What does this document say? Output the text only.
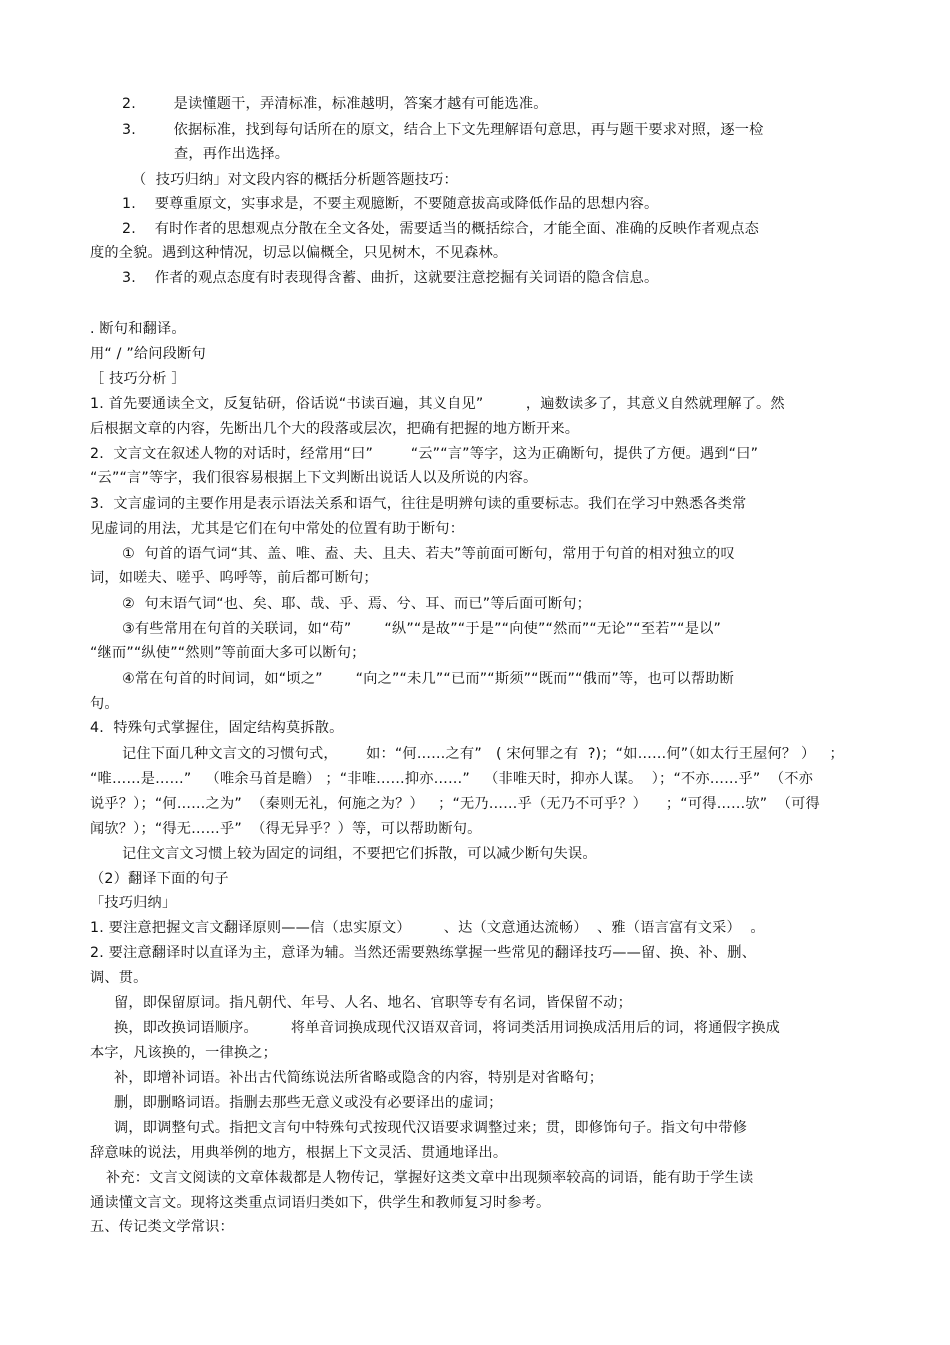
2.        是读懂题干，弄清标准，标准越明，答案才越有可能选准。
3.        依据标准，找到每句话所在的原文，结合上下文先理解语句意思，再与题干要求对照，逐一检
查，再作出选择。
（  技巧归纳」对文段内容的概括分析题答题技巧：
1.    要尊重原文，实事求是，不要主观臆断，不要随意拔高或降低作品的思想内容。
2.    有时作者的思想观点分散在全文各处，需要适当的概括综合，才能全面、准确的反映作者观点态
度的全貌。遇到这种情况，切忌以偏概全，只见树木，不见森林。
3.    作者的观点态度有时表现得含蓄、曲折，这就要注意挖掘有关词语的隐含信息。
. 断句和翻译。
用“ / ”给问段断句
［ 技巧分析 ］
1. 首先要通读全文，反复钻研，俗话说“书读百遍，其义自见”         ，遍数读多了，其意义自然就理解了。然
后根据文章的内容，先断出几个大的段落或层次，把确有把握的地方断开来。
2.  文言文在叙述人物的对话时，经常用“曰”        “云”“言”等字，这为正确断句，提供了方便。遇到“曰”
“云”“言”等字，我们很容易根据上下文判断出说话人以及所说的内容。
3.  文言虚词的主要作用是表示语法关系和语气，往往是明辨句读的重要标志。我们在学习中熟悉各类常
见虚词的用法，尤其是它们在句中常处的位置有助于断句：
①  句首的语气词“其、盖、唯、盍、夫、且夫、若夫”等前面可断句，常用于句首的相对独立的叹
词，如嗟夫、嗟乎、呜呼等，前后都可断句；
②  句末语气词“也、矣、耶、哉、乎、焉、兮、耳、而已”等后面可断句；
③有些常用在句首的关联词，如“苟”       “纵”“是故”“于是”“向使”“然而”“无论”“至若”“是以”
“继而”“纵使”“然则”等前面大多可以断句；
④常在句首的时间词，如“顷之”       “向之”“未几”“已而”“斯须”“既而”“俄而”等，也可以帮助断
句。
4.  特殊句式掌握住，固定结构莫拆散。
记住下面几种文言文的习惯句式，      如：“何……之有”   ( 宋何罪之有  ?)；“如……何”（如太行王屋何？ ）   ；
“唯……是……”   （唯余马首是瞻） ；“非唯……抑亦……”   （非唯天时，抑亦人谋。  ）；“不亦……乎”  （不亦
说乎？）；“何……之为”  （秦则无礼，何施之为？）   ；“无乃……乎（无乃不可乎？）    ；“可得……欤”  （可得
闻欤？）；“得无……乎”  （得无异乎？）等，可以帮助断句。
记住文言文习惯上较为固定的词组，不要把它们拆散，可以减少断句失误。
（2）翻译下面的句子
「技巧归纳」
1. 要注意把握文言文翻译原则——信（忠实原文）       、达（文意通达流畅）  、雅（语言富有文采）  。
2. 要注意翻译时以直译为主，意译为辅。当然还需要熟练掌握一些常见的翻译技巧——留、换、补、删、
调、贯。
留，即保留原词。指凡朝代、年号、人名、地名、官职等专有名词，皆保留不动；
换，即改换词语顺序。       将单音词换成现代汉语双音词，将词类活用词换成活用后的词，将通假字换成
本字，凡该换的，一律换之；
补，即增补词语。补出古代简练说法所省略或隐含的内容，特别是对省略句；
删，即删略词语。指删去那些无意义或没有必要译出的虚词；
调，即调整句式。指把文言句中特殊句式按现代汉语要求调整过来；贯，即修饰句子。指文句中带修
辞意味的说法，用典举例的地方，根据上下文灵活、贯通地译出。
补充：文言文阅读的文章体裁都是人物传记，掌握好这类文章中出现频率较高的词语，能有助于学生读
通读懂文言文。现将这类重点词语归类如下，供学生和教师复习时参考。
五、传记类文学常识：
